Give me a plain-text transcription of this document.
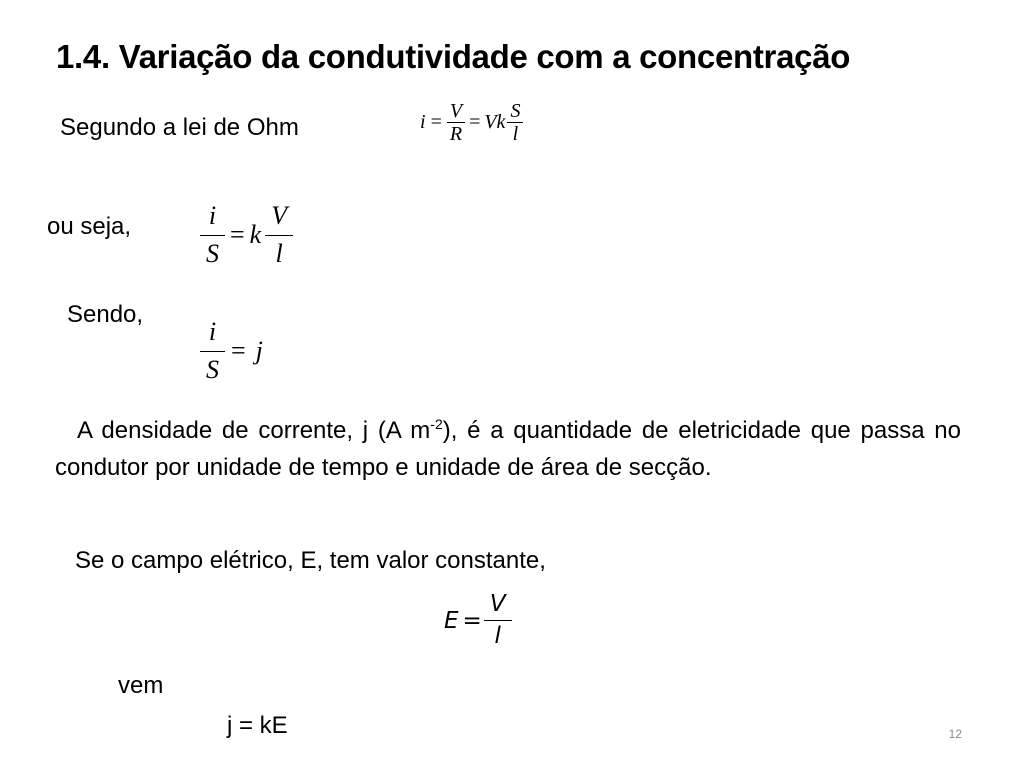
1.4. Variação da condutividade com a concentração
Segundo a lei de Ohm	$i = \frac{V}{R} = Vk \frac{S}{l}$
ou seja,	$\frac{i}{S} = k \frac{V}{l}$
Sendo,
$\frac{i}{S} = j$
A densidade de corrente, j (A $m^{-2}$), é a quantidade de eletricidade que passa no condutor por unidade de tempo e unidade de área de secção.
Se o campo elétrico, E, tem valor constante,
$E = \frac{V}{l}$
vem
j = kE	12
